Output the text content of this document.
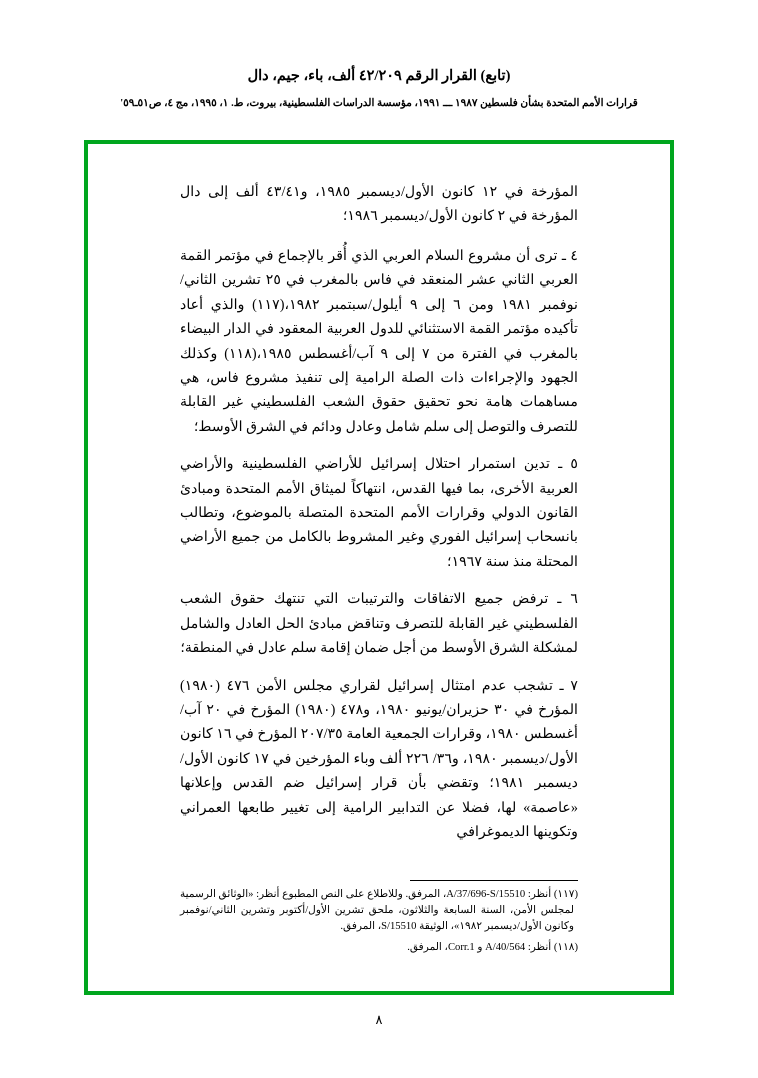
(تابع) القرار الرقم ٤٢/٢٠٩ ألف، باء، جيم، دال
قرارات الأمم المتحدة بشأن فلسطين ١٩٨٧ ـــ ١٩٩١، مؤسسة الدراسات الفلسطينية، بيروت، ط. ١، ١٩٩٥، مج ٤، ص٥١ـ٥٩'

المؤرخة في ١٢ كانون الأول/ديسمبر ١٩٨٥، و٤٣/٤١ ألف إلى دال المؤرخة في ٢ كانون الأول/ديسمبر ١٩٨٦؛

٤ ـ ترى أن مشروع السلام العربي الذي أُقر بالإجماع في مؤتمر القمة العربي الثاني عشر المنعقد في فاس بالمغرب في ٢٥ تشرين الثاني/نوفمبر ١٩٨١ ومن ٦ إلى ٩ أيلول/سبتمبر ١٩٨٢،(١١٧) والذي أعاد تأكيده مؤتمر القمة الاستثنائي للدول العربية المعقود في الدار البيضاء بالمغرب في الفترة من ٧ إلى ٩ آب/أغسطس ١٩٨٥،(١١٨) وكذلك الجهود والإجراءات ذات الصلة الرامية إلى تنفيذ مشروع فاس، هي مساهمات هامة نحو تحقيق حقوق الشعب الفلسطيني غير القابلة للتصرف والتوصل إلى سلم شامل وعادل ودائم في الشرق الأوسط؛

٥ ـ تدين استمرار احتلال إسرائيل للأراضي الفلسطينية والأراضي العربية الأخرى، بما فيها القدس، انتهاكاً لميثاق الأمم المتحدة ومبادئ القانون الدولي وقرارات الأمم المتحدة المتصلة بالموضوع، وتطالب بانسحاب إسرائيل الفوري وغير المشروط بالكامل من جميع الأراضي المحتلة منذ سنة ١٩٦٧؛

٦ ـ ترفض جميع الاتفاقات والترتيبات التي تنتهك حقوق الشعب الفلسطيني غير القابلة للتصرف وتناقض مبادئ الحل العادل والشامل لمشكلة الشرق الأوسط من أجل ضمان إقامة سلم عادل في المنطقة؛

٧ ـ تشجب عدم امتثال إسرائيل لقراري مجلس الأمن ٤٧٦ (١٩٨٠) المؤرخ في ٣٠ حزيران/يونيو ١٩٨٠، و٤٧٨ (١٩٨٠) المؤرخ في ٢٠ آب/أغسطس ١٩٨٠، وقرارات الجمعية العامة ٢٠٧/٣٥ المؤرخ في ١٦ كانون الأول/ديسمبر ١٩٨٠، و٣٦/ ٢٢٦ ألف وباء المؤرخين في ١٧ كانون الأول/ديسمبر ١٩٨١؛ وتقضي بأن قرار إسرائيل ضم القدس وإعلانها «عاصمة» لها، فضلا عن التدابير الرامية إلى تغيير طابعها العمراني وتكوينها الديموغرافي

(١١٧) أنظر: A/37/696-S/15510، المرفق. وللاطلاع على النص المطبوع أنظر: «الوثائق الرسمية لمجلس الأمن، السنة السابعة والثلاثون، ملحق تشرين الأول/أكتوبر وتشرين الثاني/نوفمبر وكانون الأول/ديسمبر ١٩٨٢»، الوثيقة S/15510، المرفق.

(١١٨) أنظر: A/40/564 و Corr.1، المرفق.

٨
